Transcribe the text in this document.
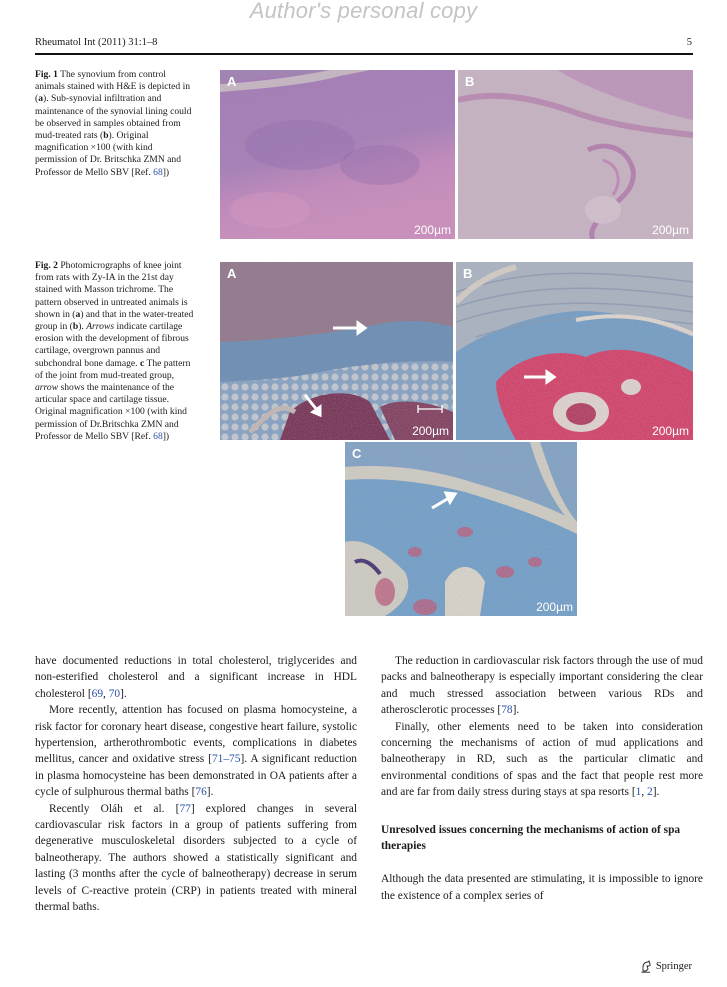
Author's personal copy
Rheumatol Int (2011) 31:1–8	5
Fig. 1 The synovium from control animals stained with H&E is depicted in (a). Sub-synovial infiltration and maintenance of the synovial lining could be observed in samples obtained from mud-treated rats (b). Original magnification ×100 (with kind permission of Dr. Britschka ZMN and Professor de Mello SBV [Ref. 68])
A
200µm
B
200µm
Fig. 2 Photomicrographs of knee joint from rats with Zy-IA in the 21st day stained with Masson trichrome. The pattern observed in untreated animals is shown in (a) and that in the water-treated group in (b). Arrows indicate cartilage erosion with the development of fibrous cartilage, overgrown pannus and subchondral bone damage. c The pattern of the joint from mud-treated group, arrow shows the maintenance of the articular space and cartilage tissue. Original magnification ×100 (with kind permission of Dr.Britschka ZMN and Professor de Mello SBV [Ref. 68])
A
200µm
B
200µm
C
200µm

have documented reductions in total cholesterol, triglycerides and non-esterified cholesterol and a significant increase in HDL cholesterol [69, 70].

More recently, attention has focused on plasma homocysteine, a risk factor for coronary heart disease, congestive heart failure, systolic hypertension, artherothrombotic events, complications in diabetes mellitus, cancer and oxidative stress [71–75]. A significant reduction in plasma homocysteine has been demonstrated in OA patients after a cycle of sulphurous thermal baths [76].

Recently Oláh et al. [77] explored changes in several cardiovascular risk factors in a group of patients suffering from degenerative musculoskeletal disorders subjected to a cycle of balneotherapy. The authors showed a statistically significant and lasting (3 months after the cycle of balneotherapy) decrease in serum levels of C-reactive protein (CRP) in patients treated with mineral thermal baths.

The reduction in cardiovascular risk factors through the use of mud packs and balneotherapy is especially important considering the clear and much stressed association between various RDs and atherosclerotic processes [78].

Finally, other elements need to be taken into consideration concerning the mechanisms of action of mud applications and balneotherapy in RD, such as the particular climatic and environmental conditions of spas and the fact that people rest more and are far from daily stress during stays at spa resorts [1, 2].

Unresolved issues concerning the mechanisms of action of spa therapies

Although the data presented are stimulating, it is impossible to ignore the existence of a complex series of

Springer
